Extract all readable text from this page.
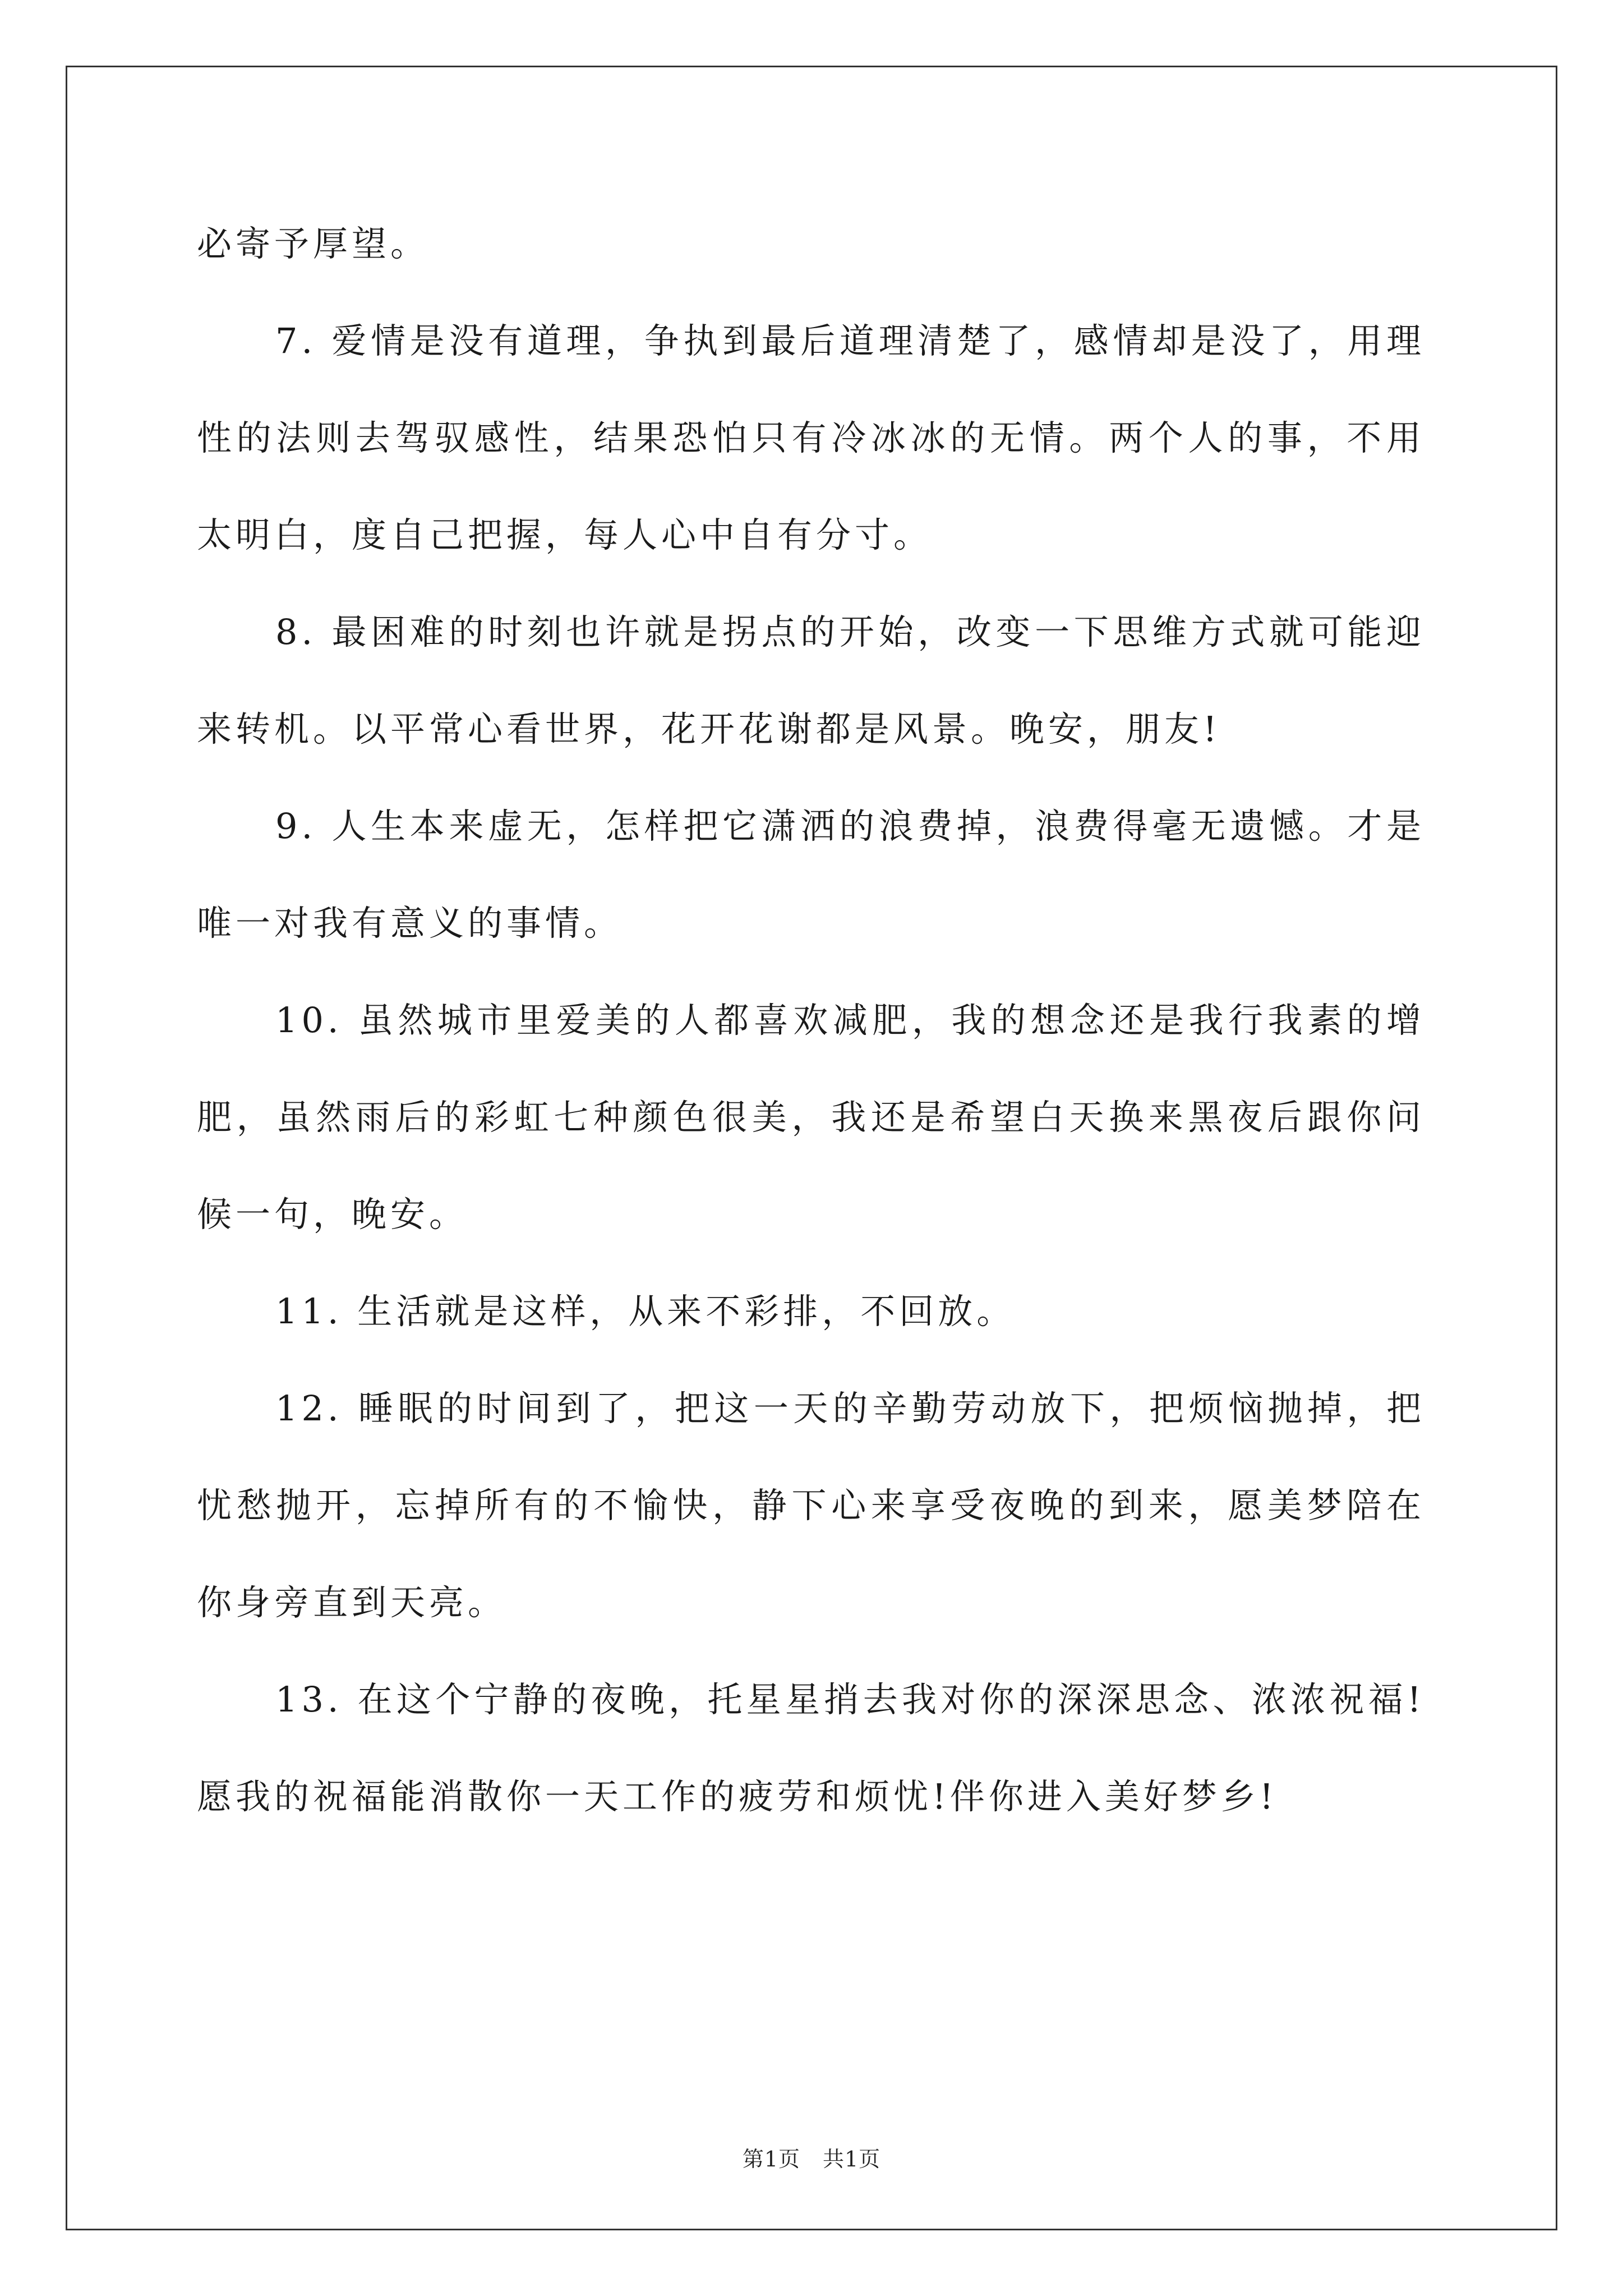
必寄予厚望。

7. 爱情是没有道理，争执到最后道理清楚了，感情却是没了，用理性的法则去驾驭感性，结果恐怕只有冷冰冰的无情。两个人的事，不用太明白，度自己把握，每人心中自有分寸。

8. 最困难的时刻也许就是拐点的开始，改变一下思维方式就可能迎来转机。以平常心看世界，花开花谢都是风景。晚安，朋友!

9. 人生本来虚无，怎样把它潇洒的浪费掉，浪费得毫无遗憾。才是唯一对我有意义的事情。

10. 虽然城市里爱美的人都喜欢减肥，我的想念还是我行我素的增肥，虽然雨后的彩虹七种颜色很美，我还是希望白天换来黑夜后跟你问候一句，晚安。

11. 生活就是这样，从来不彩排，不回放。

12. 睡眠的时间到了，把这一天的辛勤劳动放下，把烦恼抛掉，把忧愁抛开，忘掉所有的不愉快，静下心来享受夜晚的到来，愿美梦陪在你身旁直到天亮。

13. 在这个宁静的夜晚，托星星捎去我对你的深深思念、浓浓祝福!愿我的祝福能消散你一天工作的疲劳和烦忧!伴你进入美好梦乡!

第1页 共1页
